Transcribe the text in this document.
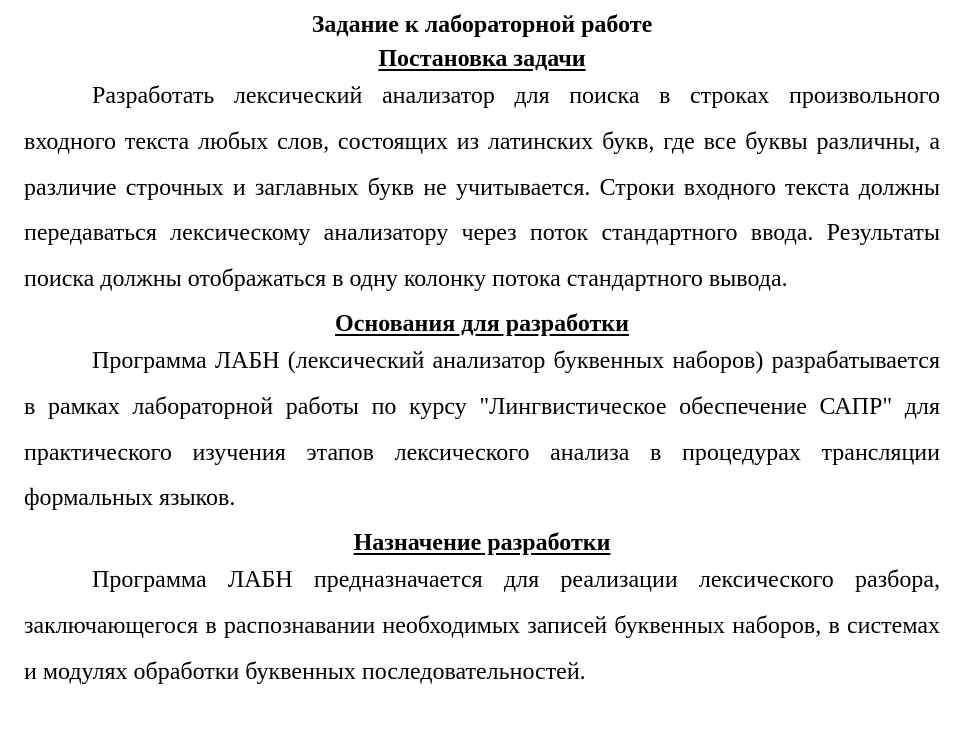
Задание к лабораторной работе
Постановка задачи

Разработать лексический анализатор для поиска в строках произвольного входного текста любых слов, состоящих из латинских букв, где все буквы различны, а различие строчных и заглавных букв не учитывается. Строки входного текста должны передаваться лексическому анализатору через поток стандартного ввода. Результаты поиска должны отображаться в одну колонку потока стандартного вывода.

Основания для разработки

Программа ЛАБН (лексический анализатор буквенных наборов) разрабатывается в рамках лабораторной работы по курсу "Лингвистическое обеспечение САПР" для практического изучения этапов лексического анализа в процедурах трансляции формальных языков.

Назначение разработки

Программа ЛАБН предназначается для реализации лексического разбора, заключающегося в распознавании необходимых записей буквенных наборов, в системах и модулях обработки буквенных последовательностей.
